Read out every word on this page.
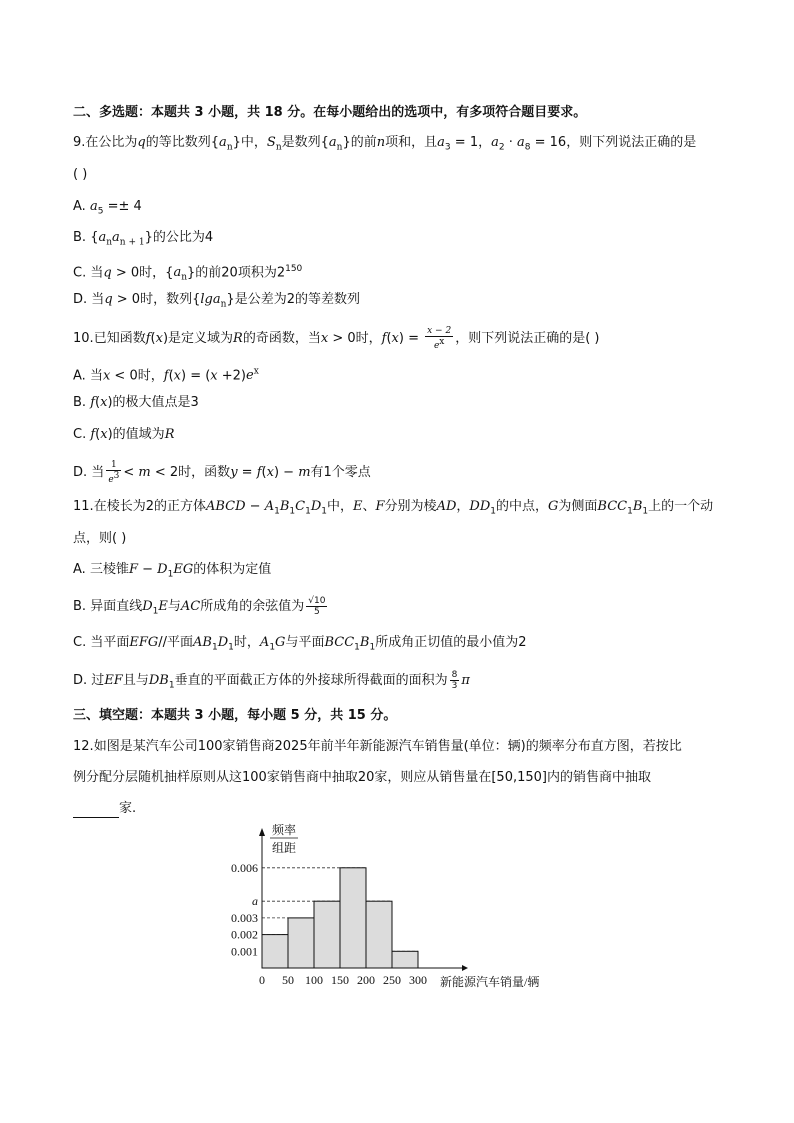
二、多选题：本题共 3 小题，共 18 分。在每小题给出的选项中，有多项符合题目要求。
9.在公比为q的等比数列$\{a_n\}$中，$S_n$是数列$\{a_n\}$的前n项和，且$a_3 = 1$，$a_2 \cdot a_8 = 16$，则下列说法正确的是
( )
A. $a_5 =\pm 4$
B. $\{a_na_{n + 1}\}$的公比为4
C. 当q > 0时，$\{a_n\}$的前20项积为$2^{150}$
D. 当q > 0时，数列{lga$_n$}是公差为2的等差数列
10.已知函数f(x)是定义域为R的奇函数，当x > 0时，$f(x) = \frac{x - 2}{e^x}$ ，则下列说法正确的是( )
A. 当x < 0时，$f(x) = (x +2)e^x$
B. f(x)的极大值点是3
C. f(x)的值域为R
D. 当 $\frac{1}{e^3} < m < 2$时，函数y = f(x) − m有1个零点
11.在棱长为2的正方体ABCD − $A_1B_1C_1D_1$中，E、F分别为棱AD，$DD_1$的中点，G为侧面$BCC_1B_1$上的一个动
点，则( )
A. 三棱锥$F - D_1EG$的体积为定值
B. 异面直线$D_1E$与AC所成角的余弦值为 $\frac{√10}{5}$
C. 当平面EFG//平面$AB_1D_1$时，$A_1G$与平面$BCC_1B_1$所成角正切值的最小值为2
D. 过EF且与$DB_1$垂直的平面截正方体的外接球所得截面的面积为 $\frac{8}{3}$ π
三、填空题：本题共 3 小题，每小题 5 分，共 15 分。
12.如图是某汽车公司100家销售商2025年前半年新能源汽车销售量(单位：辆)的频率分布直方图，若按比
例分配分层随机抽样原则从这100家销售商中抽取20家，则应从销售量在[50,150]内的销售商中抽取
家.
0.001
0.002
0.003
a
0.006
0 50 100 150 200 250 300
频率
组距
新能源汽车销量/辆
